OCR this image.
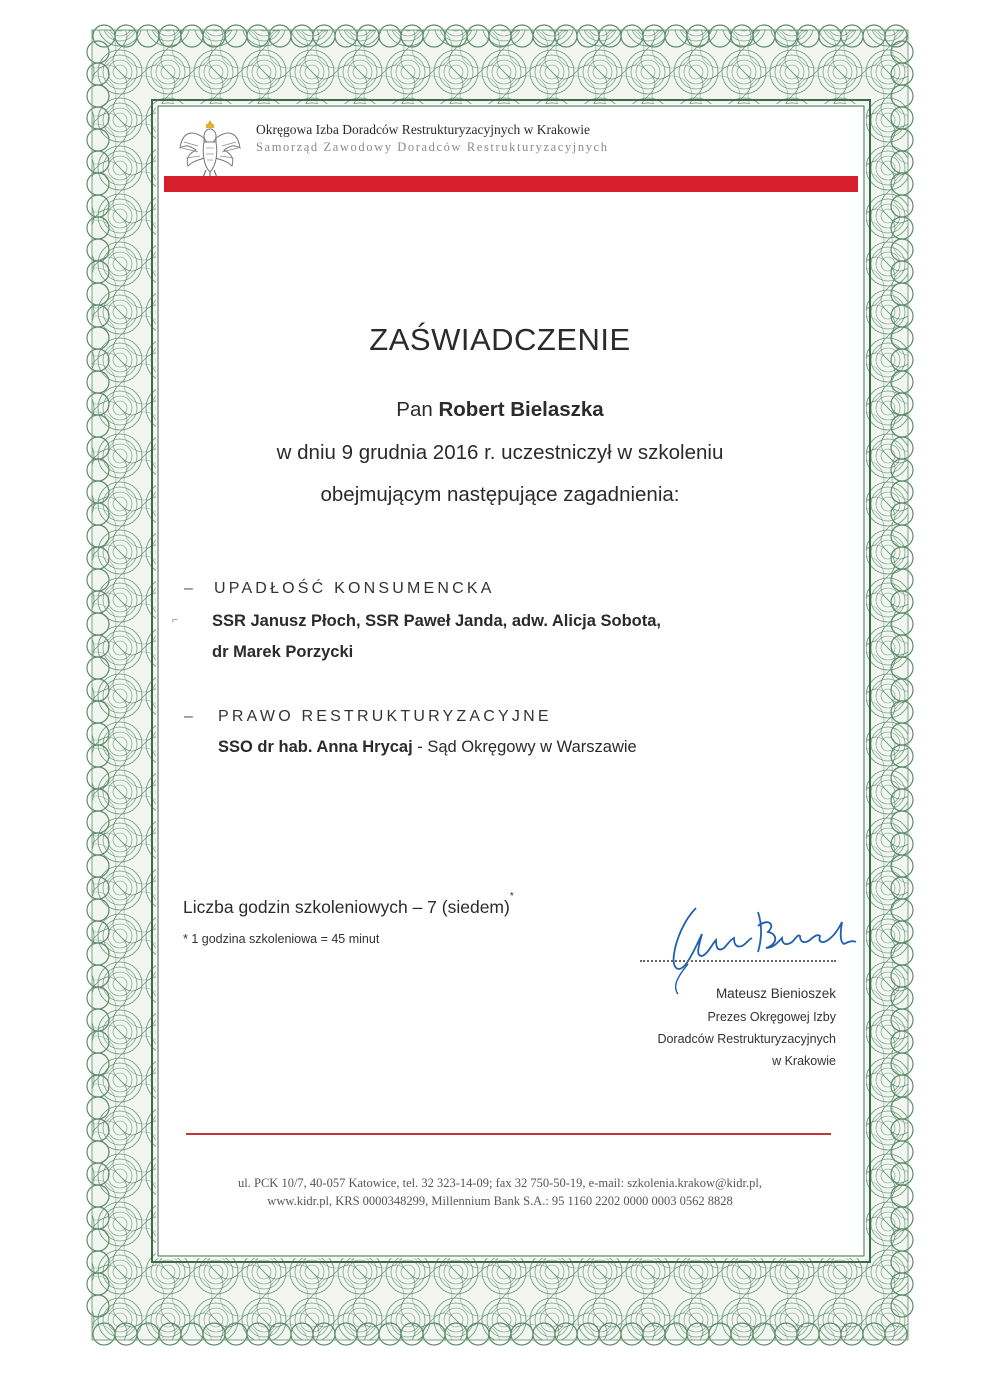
Okręgowa Izba Doradców Restrukturyzacyjnych w Krakowie
Samorząd Zawodowy Doradców Restrukturyzacyjnych
ZAŚWIADCZENIE
Pan Robert Bielaszka
w dniu 9 grudnia 2016 r. uczestniczył w szkoleniu
obejmującym następujące zagadnienia:
– UPADŁOŚĆ KONSUMENCKA
⌐ SSR Janusz Płoch, SSR Paweł Janda, adw. Alicja Sobota,
dr Marek Porzycki
– PRAWO RESTRUKTURYZACYJNE
SSO dr hab. Anna Hrycaj - Sąd Okręgowy w Warszawie
Liczba godzin szkoleniowych – 7 (siedem)*
* 1 godzina szkoleniowa = 45 minut
Mateusz Bienioszek
Prezes Okręgowej Izby
Doradców Restrukturyzacyjnych
w Krakowie
ul. PCK 10/7, 40-057 Katowice, tel. 32 323-14-09; fax 32 750-50-19, e-mail: szkolenia.krakow@kidr.pl,
www.kidr.pl, KRS 0000348299, Millennium Bank S.A.: 95 1160 2202 0000 0003 0562 8828
